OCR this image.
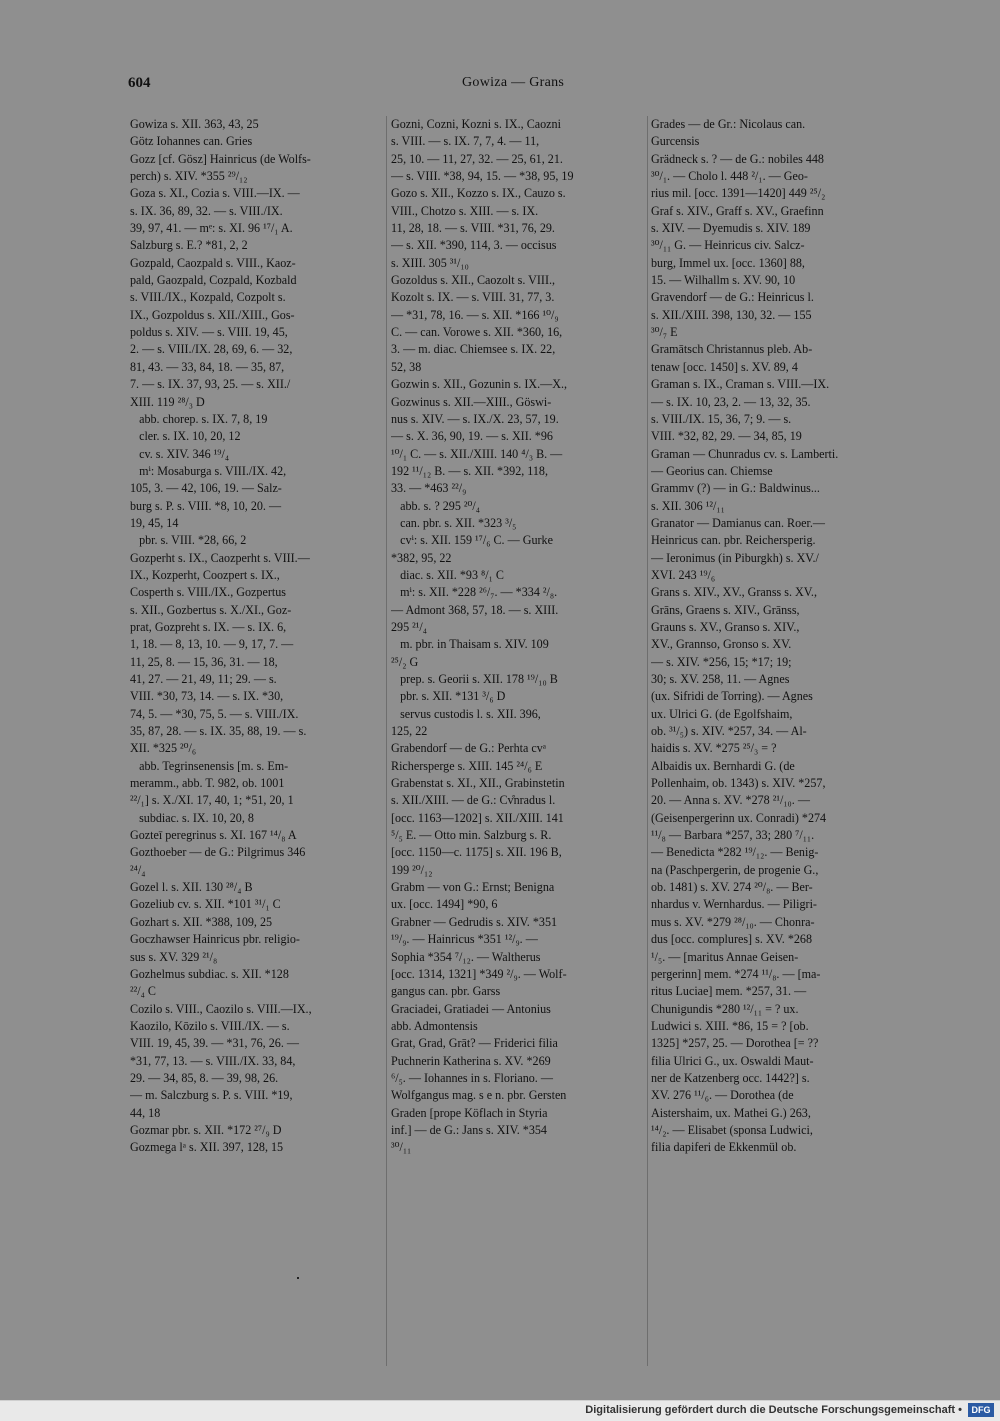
604	Gowiza — Grans
Gowiza s. XII. 363, 43, 25
Götz Iohannes can. Gries
Gozz [cf. Gösz] Hainricus (de Wolfs-
perch) s. XIV. *355 ²⁹/₁₂
Goza s. XI., Cozia s. VIII.—IX. —
s. IX. 36, 89, 32. — s. VIII./IX.
39, 97, 41. — mᵉ: s. XI. 96 ¹⁷/₁ A.
Salzburg s. E.? *81, 2, 2
Gozpald, Caozpald s. VIII., Kaoz-
pald, Gaozpald, Cozpald, Kozbald
s. VIII./IX., Kozpald, Cozpolt s.
IX., Gozpoldus s. XII./XIII., Gos-
poldus s. XIV. — s. VIII. 19, 45,
2. — s. VIII./IX. 28, 69, 6. — 32,
81, 43. — 33, 84, 18. — 35, 87,
7. — s. IX. 37, 93, 25. — s. XII./
XIII. 119 ²⁸/₃ D
abb. chorep. s. IX. 7, 8, 19
cler. s. IX. 10, 20, 12
cv. s. XIV. 346 ¹⁹/₄
mⁱ: Mosaburga s. VIII./IX. 42,
105, 3. — 42, 106, 19. — Salz-
burg s. P. s. VIII. *8, 10, 20. —
19, 45, 14
pbr. s. VIII. *28, 66, 2
Gozperht s. IX., Caozperht s. VIII.—
IX., Kozperht, Coozpert s. IX.,
Cosperth s. VIII./IX., Gozpertus
s. XII., Gozbertus s. X./XI., Goz-
prat, Gozpreht s. IX. — s. IX. 6,
1, 18. — 8, 13, 10. — 9, 17, 7. —
11, 25, 8. — 15, 36, 31. — 18,
41, 27. — 21, 49, 11; 29. — s.
VIII. *30, 73, 14. — s. IX. *30,
74, 5. — *30, 75, 5. — s. VIII./IX.
35, 87, 28. — s. IX. 35, 88, 19. — s.
XII. *325 ²⁰/₆
abb. Tegrinsenensis [m. s. Em-
meramm., abb. T. 982, ob. 1001
²²/₁] s. X./XI. 17, 40, 1; *51, 20, 1
subdiac. s. IX. 10, 20, 8
Gozteī peregrinus s. XI. 167 ¹⁴/₈ A
Gozthoeber — de G.: Pilgrimus 346
²⁴/₄
Gozel l. s. XII. 130 ²⁸/₄ B
Gozeliub cv. s. XII. *101 ³¹/₁ C
Gozhart s. XII. *388, 109, 25
Goczhawser Hainricus pbr. religio-
sus s. XV. 329 ²¹/₈
Gozhelmus subdiac. s. XII. *128
²²/₄ C
Cozilo s. VIII., Caozilo s. VIII.—IX.,
Kaozilo, Kōzilo s. VIII./IX. — s.
VIII. 19, 45, 39. — *31, 76, 26. —
*31, 77, 13. — s. VIII./IX. 33, 84,
29. — 34, 85, 8. — 39, 98, 26.
— m. Salczburg s. P. s. VIII. *19,
44, 18
Gozmar pbr. s. XII. *172 ²⁷/₉ D
Gozmega lᵃ s. XII. 397, 128, 15
Gozni, Cozni, Kozni s. IX., Caozni
s. VIII. — s. IX. 7, 7, 4. — 11,
25, 10. — 11, 27, 32. — 25, 61, 21.
— s. VIII. *38, 94, 15. — *38, 95, 19
Gozo s. XII., Kozzo s. IX., Cauzo s.
VIII., Chotzo s. XIII. — s. IX.
11, 28, 18. — s. VIII. *31, 76, 29.
— s. XII. *390, 114, 3. — occisus
s. XIII. 305 ³¹/₁₀
Gozoldus s. XII., Caozolt s. VIII.,
Kozolt s. IX. — s. VIII. 31, 77, 3.
— *31, 78, 16. — s. XII. *166 ¹⁰/₉
C. — can. Vorowe s. XII. *360, 16,
3. — m. diac. Chiemsee s. IX. 22,
52, 38
Gozwin s. XII., Gozunin s. IX.—X.,
Gozwinus s. XII.—XIII., Göswi-
nus s. XIV. — s. IX./X. 23, 57, 19.
— s. X. 36, 90, 19. — s. XII. *96
¹⁰/₁ C. — s. XII./XIII. 140 ⁴/₃ B. —
192 ¹¹/₁₂ B. — s. XII. *392, 118,
33. — *463 ²²/₉
abb. s. ? 295 ²⁰/₄
can. pbr. s. XII. *323 ³/₅
cvⁱ: s. XII. 159 ¹⁷/₆ C. — Gurke
*382, 95, 22
diac. s. XII. *93 ⁸/₁ C
mⁱ: s. XII. *228 ²⁶/₇. — *334 ²/₈.
— Admont 368, 57, 18. — s. XIII.
295 ²¹/₄
m. pbr. in Thaisam s. XIV. 109
²⁵/₂ G
prep. s. Georii s. XII. 178 ¹⁹/₁₀ B
pbr. s. XII. *131 ³/₆ D
servus custodis l. s. XII. 396,
125, 22
Grabendorf — de G.: Perhta cvᵃ
Richersperge s. XIII. 145 ²⁴/₆ E
Grabenstat s. XI., XII., Grabinstetin
s. XII./XIII. — de G.: Cv̊nradus l.
[occ. 1163—1202] s. XII./XIII. 141
⁵/₅ E. — Otto min. Salzburg s. R.
[occ. 1150—c. 1175] s. XII. 196 B,
199 ²⁰/₁₂
Grabm — von G.: Ernst; Benigna
ux. [occ. 1494] *90, 6
Grabner — Gedrudis s. XIV. *351
¹⁹/₉. — Hainricus *351 ¹²/₉. —
Sophia *354 ⁷/₁₂. — Waltherus
[occ. 1314, 1321] *349 ²/₉. — Wolf-
gangus can. pbr. Garss
Graciadei, Gratiadei — Antonius
abb. Admontensis
Grat, Grad, Grāt? — Friderici filia
Puchnerin Katherina s. XV. *269
⁶/₅. — Iohannes in s. Floriano. —
Wolfgangus mag. s e n. pbr. Gersten
Graden [prope Köflach in Styria
inf.] — de G.: Jans s. XIV. *354
³⁰/₁₁
Grades — de Gr.: Nicolaus can.
Gurcensis
Grädneck s. ? — de G.: nobiles 448
³⁰/₁. — Cholo l. 448 ²/₁. — Geo-
rius mil. [occ. 1391—1420] 449 ²⁵/₂
Graf s. XIV., Graff s. XV., Graefinn
s. XIV. — Dyemudis s. XIV. 189
³⁰/₁₁ G. — Heinricus civ. Salcz-
burg, Immel ux. [occ. 1360] 88,
15. — Wilhallm s. XV. 90, 10
Gravendorf — de G.: Heinricus l.
s. XII./XIII. 398, 130, 32. — 155
³⁰/₇ E
Gramātsch Christannus pleb. Ab-
tenaw [occ. 1450] s. XV. 89, 4
Graman s. IX., Craman s. VIII.—IX.
— s. IX. 10, 23, 2. — 13, 32, 35.
s. VIII./IX. 15, 36, 7; 9. — s.
VIII. *32, 82, 29. — 34, 85, 19
Graman — Chunradus cv. s. Lamberti.
— Georius can. Chiemse
Grammv (?) — in G.: Baldwinus...
s. XII. 306 ¹²/₁₁
Granator — Damianus can. Roer.—
Heinricus can. pbr. Reichersperig.
— Ieronimus (in Piburgkh) s. XV./
XVI. 243 ¹⁹/₆
Grans s. XIV., XV., Granss s. XV.,
Grāns, Graens s. XIV., Grānss,
Grauns s. XV., Granso s. XIV.,
XV., Grannso, Gronso s. XV.
— s. XIV. *256, 15; *17; 19;
30; s. XV. 258, 11. — Agnes
(ux. Sifridi de Torring). — Agnes
ux. Ulrici G. (de Egolfshaim,
ob. ³¹/₅) s. XIV. *257, 34. — Al-
haidis s. XV. *275 ²⁵/₃ = ?
Albaidis ux. Bernhardi G. (de
Pollenhaim, ob. 1343) s. XIV. *257,
20. — Anna s. XV. *278 ²¹/₁₀. —
(Geisenpergerinn ux. Conradi) *274
¹¹/₈ — Barbara *257, 33; 280 ⁷/₁₁.
— Benedicta *282 ¹⁹/₁₂. — Benig-
na (Paschpergerin, de progenie G.,
ob. 1481) s. XV. 274 ²⁰/₈. — Ber-
nhardus v. Wernhardus. — Piligri-
mus s. XV. *279 ²⁸/₁₀. — Chonra-
dus [occ. complures] s. XV. *268
¹/₅. — [maritus Annae Geisen-
pergerinn] mem. *274 ¹¹/₈. — [ma-
ritus Luciae] mem. *257, 31. —
Chunigundis *280 ¹²/₁₁ = ? ux.
Ludwici s. XIII. *86, 15 = ? [ob.
1325] *257, 25. — Dorothea [= ??
filia Ulrici G., ux. Oswaldi Maut-
ner de Katzenberg occ. 1442?] s.
XV. 276 ¹¹/₆. — Dorothea (de
Aistershaim, ux. Mathei G.) 263,
¹⁴/₂. — Elisabet (sponsa Ludwici,
filia dapiferi de Ekkenmül ob.
Digitalisierung gefördert durch die Deutsche Forschungsgemeinschaft •	DFG
